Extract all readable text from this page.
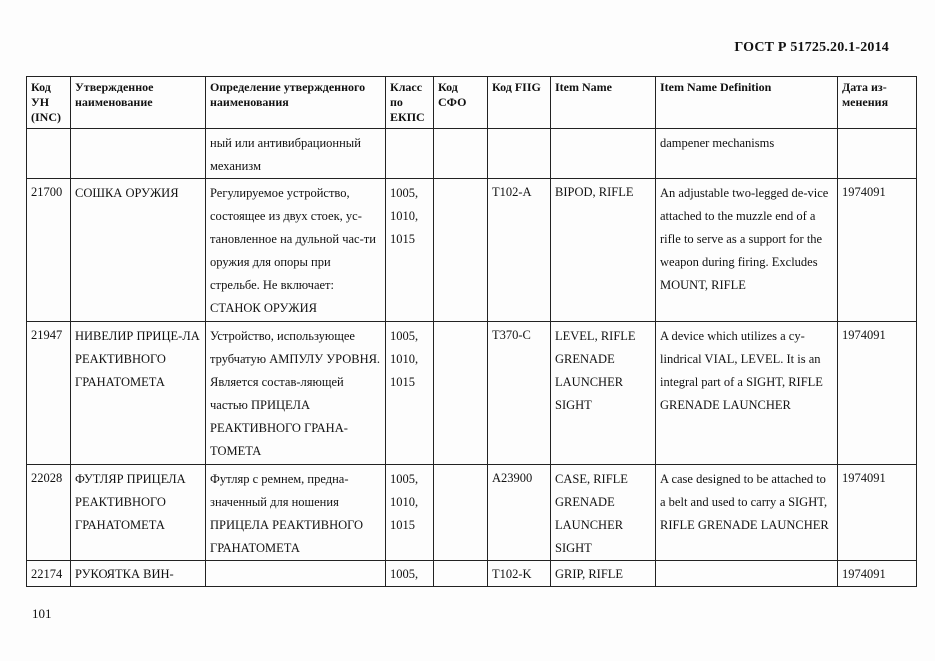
ГОСТ Р 51725.20.1-2014
Код УН (INC)	Утвержденное наименование	Определение утвержденного наименования	Класс по ЕКПС	Код СФО	Код FIIG	Item Name	Item Name Definition	Дата из-менения
		ный или антивибрационный механизм					dampener mechanisms	
21700	СОШКА ОРУЖИЯ	Регулируемое устройство, состоящее из двух стоек, ус-тановленное на дульной час-ти оружия для опоры при стрельбе. Не включает: СТАНОК ОРУЖИЯ	1005, 1010, 1015		T102-A	BIPOD, RIFLE	An adjustable two-legged de-vice attached to the muzzle end of a rifle to serve as a support for the weapon during firing. Excludes MOUNT, RIFLE	1974091
21947	НИВЕЛИР ПРИЦЕ-ЛА РЕАКТИВНОГО ГРАНАТОМЕТА	Устройство, использующее трубчатую АМПУЛУ УРОВНЯ. Является состав-ляющей частью ПРИЦЕЛА РЕАКТИВНОГО ГРАНА-ТОМЕТА	1005, 1010, 1015		T370-C	LEVEL, RIFLE GRENADE LAUNCHER SIGHT	A device which utilizes a cy-lindrical VIAL, LEVEL. It is an integral part of a SIGHT, RIFLE GRENADE LAUNCHER	1974091
22028	ФУТЛЯР ПРИЦЕЛА РЕАКТИВНОГО ГРАНАТОМЕТА	Футляр с ремнем, предна-значенный для ношения ПРИЦЕЛА РЕАКТИВНОГО ГРАНАТОМЕТА	1005, 1010, 1015		A23900	CASE, RIFLE GRENADE LAUNCHER SIGHT	A case designed to be attached to a belt and used to carry a SIGHT, RIFLE GRENADE LAUNCHER	1974091
22174	РУКОЯТКА ВИН-		1005,		T102-K	GRIP, RIFLE		1974091
101
